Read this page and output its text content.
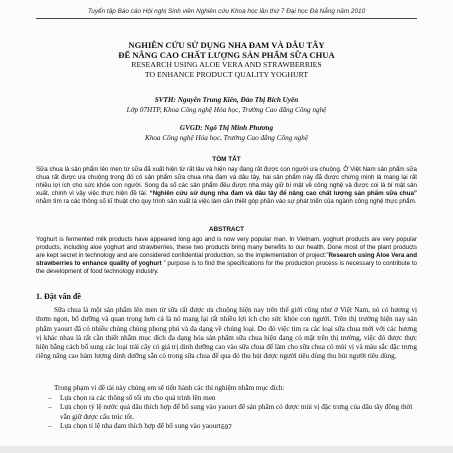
Tuyển tập Báo cáo Hội nghị Sinh viên Nghiên cứu Khoa học lần thứ 7 Đại học Đà Nẵng năm 2010
NGHIÊN CỨU SỬ DỤNG NHA ĐAM VÀ DÂU TÂY
ĐỂ NÂNG CAO CHẤT LƯỢNG SẢN PHẨM SỮA CHUA
RESEARCH USING ALOE VERA AND STRAWBERRIES
TO ENHANCE PRODUCT QUALITY YOGHURT
SVTH: Nguyễn Trung Kiên, Đào Thị Bích Uyên
Lớp 07HTP, Khoa Công nghệ Hóa học, Trường Cao đẳng Công nghệ
GVGD: Ngô Thị Minh Phương
Khoa Công nghệ Hóa học, Trường Cao đẳng Công nghệ
TÓM TẮT
Sữa chua là sản phẩm lên men từ sữa đã xuất hiện từ rất lâu và hiện nay đang rất được con người ưa chuộng. Ở Việt Nam sản phẩm sữa chua rất được ưa chuộng trong đó có sản phẩm sữa chua nha đam và dâu tây, hai sản phẩm này đã được chứng minh là mang lại rất nhiều lợi ích cho sức khỏe con người. Song đa số các sản phẩm đều được nhà máy giữ bí mật về công nghệ và được coi là bí mật sản xuất, chính vì vậy việc thực hiện đề tài: “Nghiên cứu sử dụng nha đam và dâu tây để nâng cao chất lượng sản phẩm sữa chua” nhằm tìm ra các thông số kĩ thuật cho quy trình sản xuất là việc làm cần thiết góp phần vào sự phát triển của ngành công nghệ thực phẩm.
ABSTRACT
Yoghurt is fermented milk products have appeared long ago and is now very popular man. In Vietnam, yoghurt products are very popular products, including aloe yoghurt and strawberries, these two products bring many benefits to our health. Done most of the plant products are kept secret in technology and are considered confidential production, so the implementation of project:”Research using Aloe Vera and strawberries to enhance quality of yoghurt ” purpose is to find the specifications for the production process is necessary to contribute to the development of food technology industry.
1. Đặt vấn đề
Sữa chua là một sản phẩm lên men từ sữa rất được ưa chuộng hiện nay trên thế giới cũng như ở Việt Nam, nó có hương vị thơm ngon, bổ dưỡng và quan trọng hơn cả là nó mang lại rất nhiều lợi ích cho sức khỏe con người. Trên thị trường hiện nay sản phẩm yaourt đã có nhiều chủng chủng phong phú và đa dạng về chủng loại. Do đó việc tìm ra các loại sữa chua mới với các hương vị khác nhau là rất cần thiết nhằm mục đích đa dạng hóa sản phẩm sữa chua hiện đang có mặt trên thị trường, việc đó được thực hiện bằng cách bổ sung các loại trái cây có giá trị dinh dưỡng cao vào sữa chua để làm cho sữa chua có mùi vị và màu sắc đặc trưng riêng nâng cao hàm lượng dinh dưỡng sẵn có trong sữa chua để qua đó thu hút được người tiêu dùng thu hút người tiêu dùng.
Trong phạm vi đề tài này chúng em sẽ tiến hành các thí nghiệm nhằm mục đích:
– Lựa chọn ra các thông số tối ưu cho quá trình lên men
– Lựa chọn tỷ lệ nước quả dâu thích hợp để bổ sung vào yaourt để sản phẩm có được mùi vị đặc trưng của dâu tây đồng thời vẫn giữ được cấu trúc tốt.
– Lựa chọn tỉ lệ nha đam thích hợp để bổ sung vào yaourt.
597
